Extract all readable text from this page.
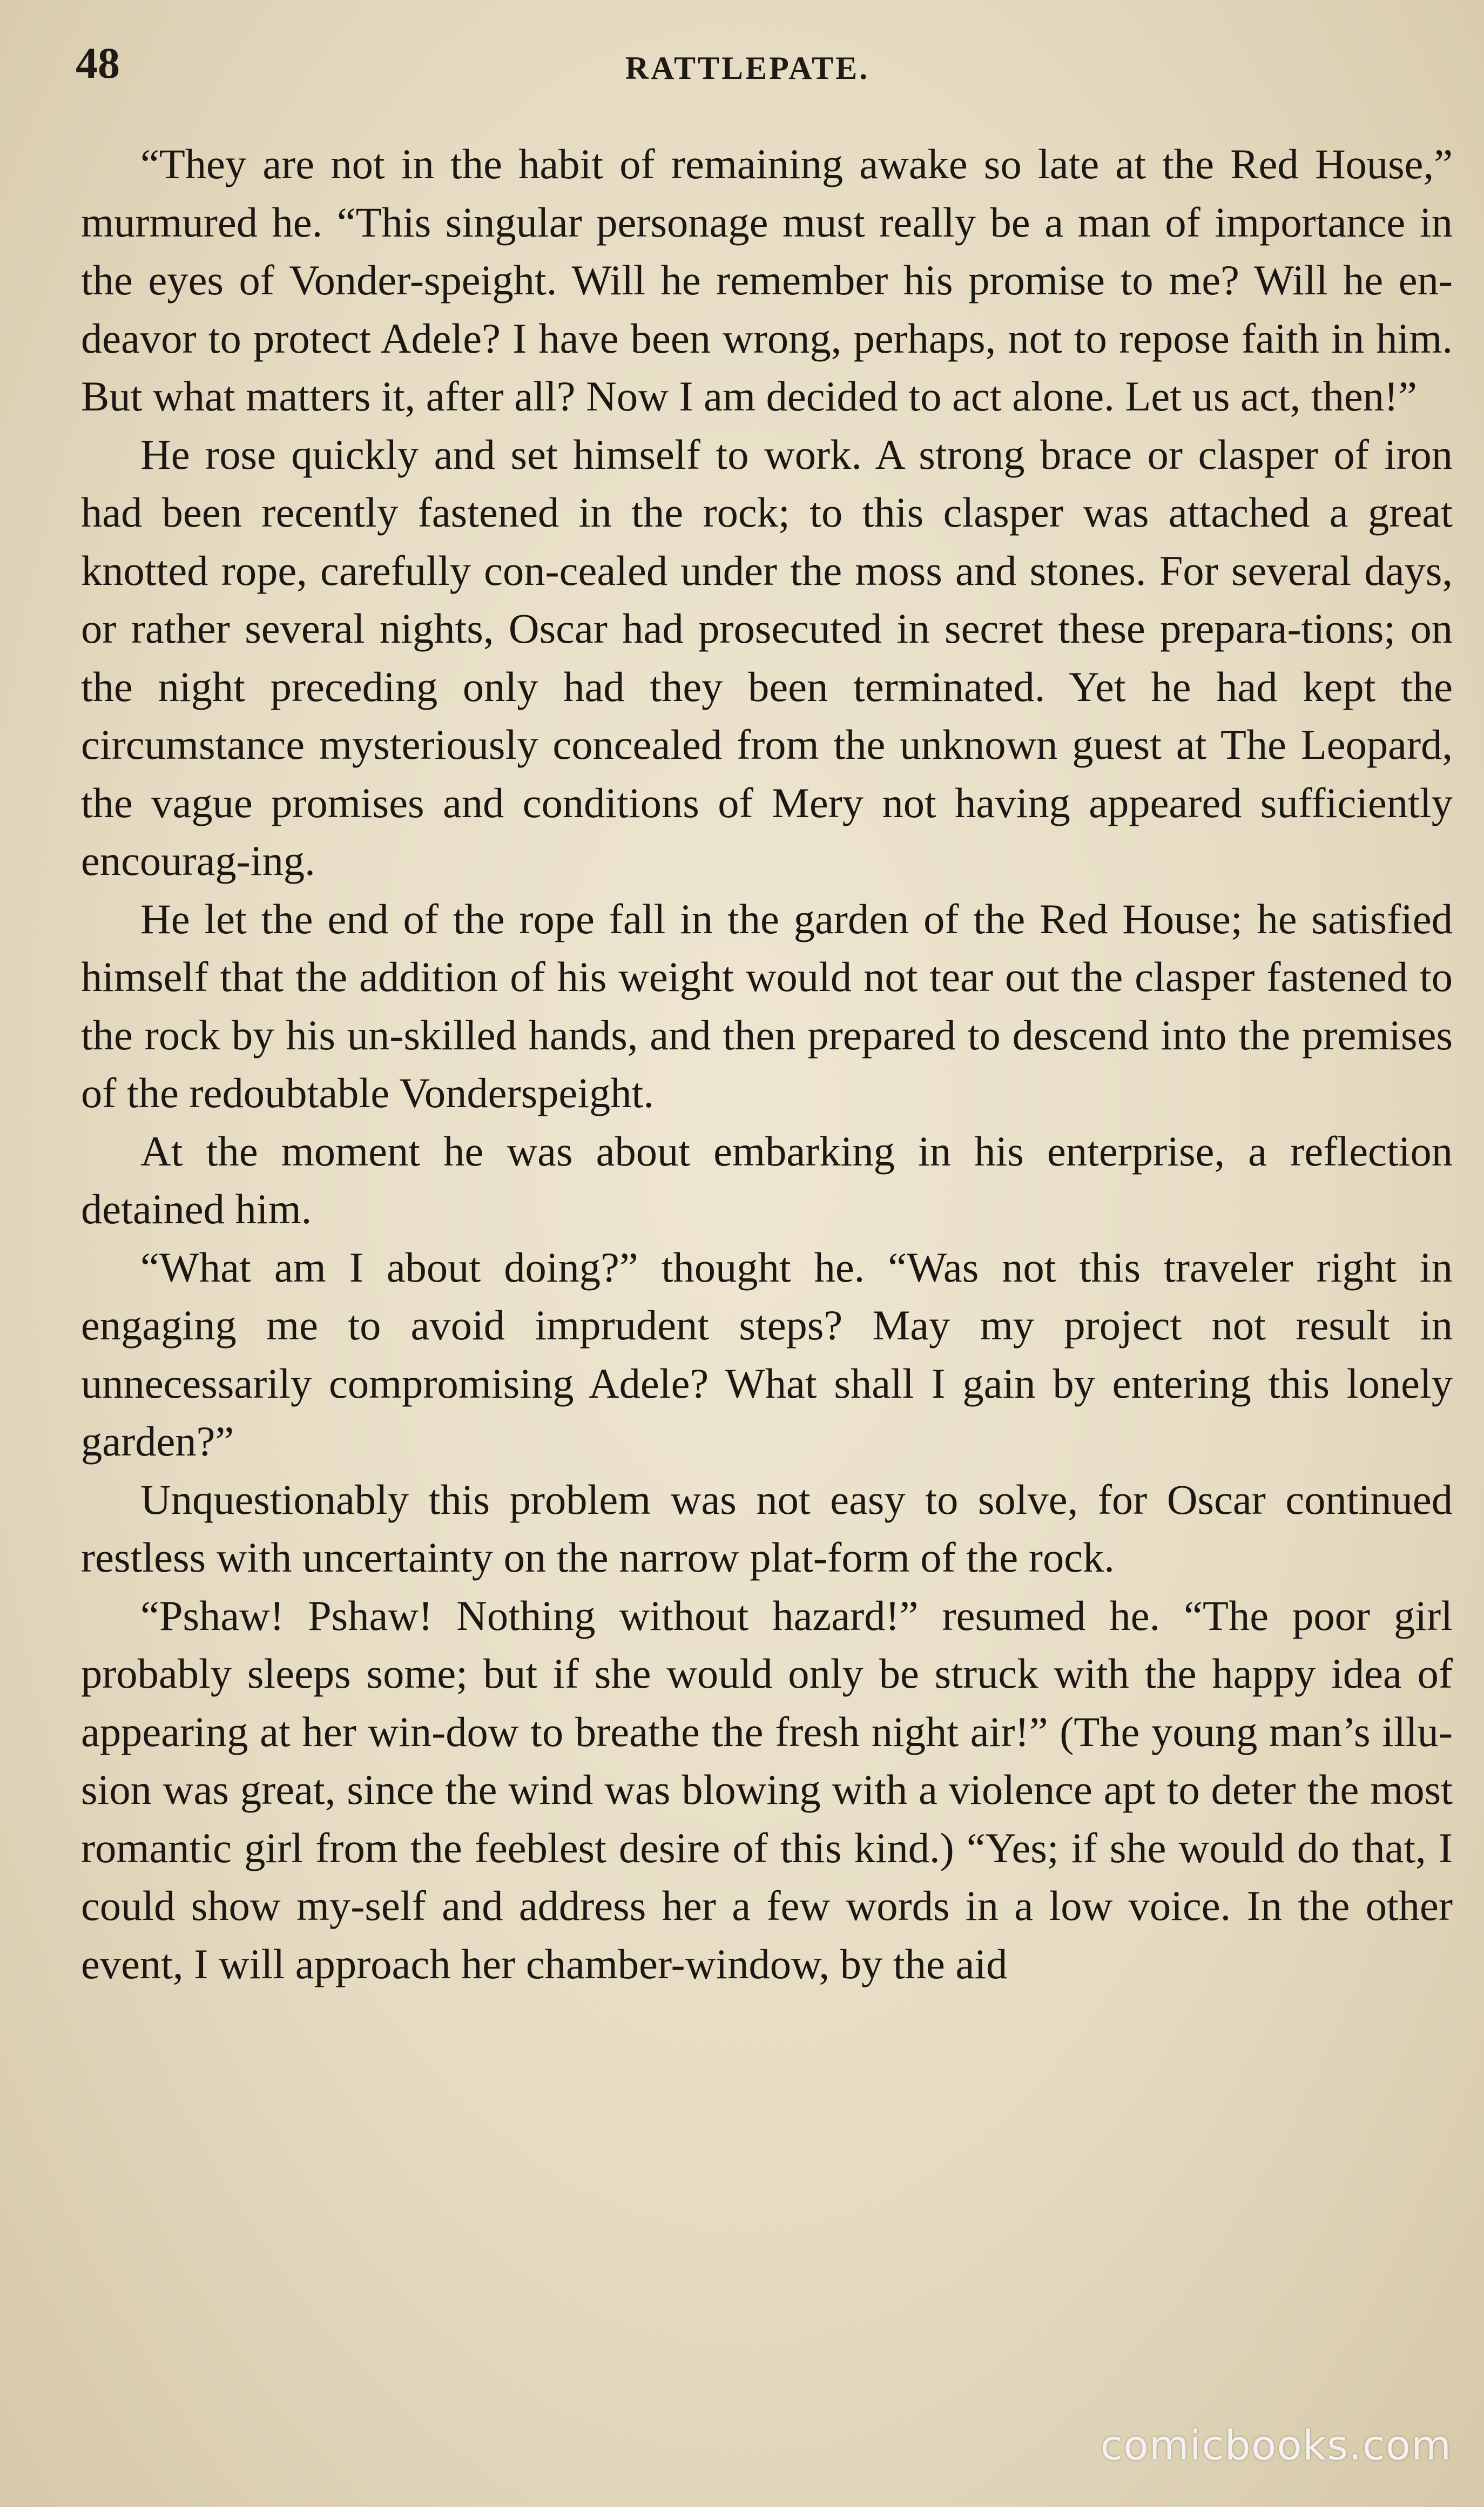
48	RATTLEPATE.

“They are not in the habit of remaining awake so late at the Red House,” murmured he. “This singular personage must really be a man of importance in the eyes of Vonder-speight. Will he remember his promise to me? Will he en-deavor to protect Adele? I have been wrong, perhaps, not to repose faith in him. But what matters it, after all? Now I am decided to act alone. Let us act, then!”

He rose quickly and set himself to work. A strong brace or clasper of iron had been recently fastened in the rock; to this clasper was attached a great knotted rope, carefully con-cealed under the moss and stones. For several days, or rather several nights, Oscar had prosecuted in secret these prepara-tions; on the night preceding only had they been terminated. Yet he had kept the circumstance mysteriously concealed from the unknown guest at The Leopard, the vague promises and conditions of Mery not having appeared sufficiently encourag-ing.

He let the end of the rope fall in the garden of the Red House; he satisfied himself that the addition of his weight would not tear out the clasper fastened to the rock by his un-skilled hands, and then prepared to descend into the premises of the redoubtable Vonderspeight.

At the moment he was about embarking in his enterprise, a reflection detained him.

“What am I about doing?” thought he. “Was not this traveler right in engaging me to avoid imprudent steps? May my project not result in unnecessarily compromising Adele? What shall I gain by entering this lonely garden?”

Unquestionably this problem was not easy to solve, for Oscar continued restless with uncertainty on the narrow plat-form of the rock.

“Pshaw! Pshaw! Nothing without hazard!” resumed he. “The poor girl probably sleeps some; but if she would only be struck with the happy idea of appearing at her win-dow to breathe the fresh night air!” (The young man’s illu-sion was great, since the wind was blowing with a violence apt to deter the most romantic girl from the feeblest desire of this kind.) “Yes; if she would do that, I could show my-self and address her a few words in a low voice. In the other event, I will approach her chamber-window, by the aid

comicbooks.com
